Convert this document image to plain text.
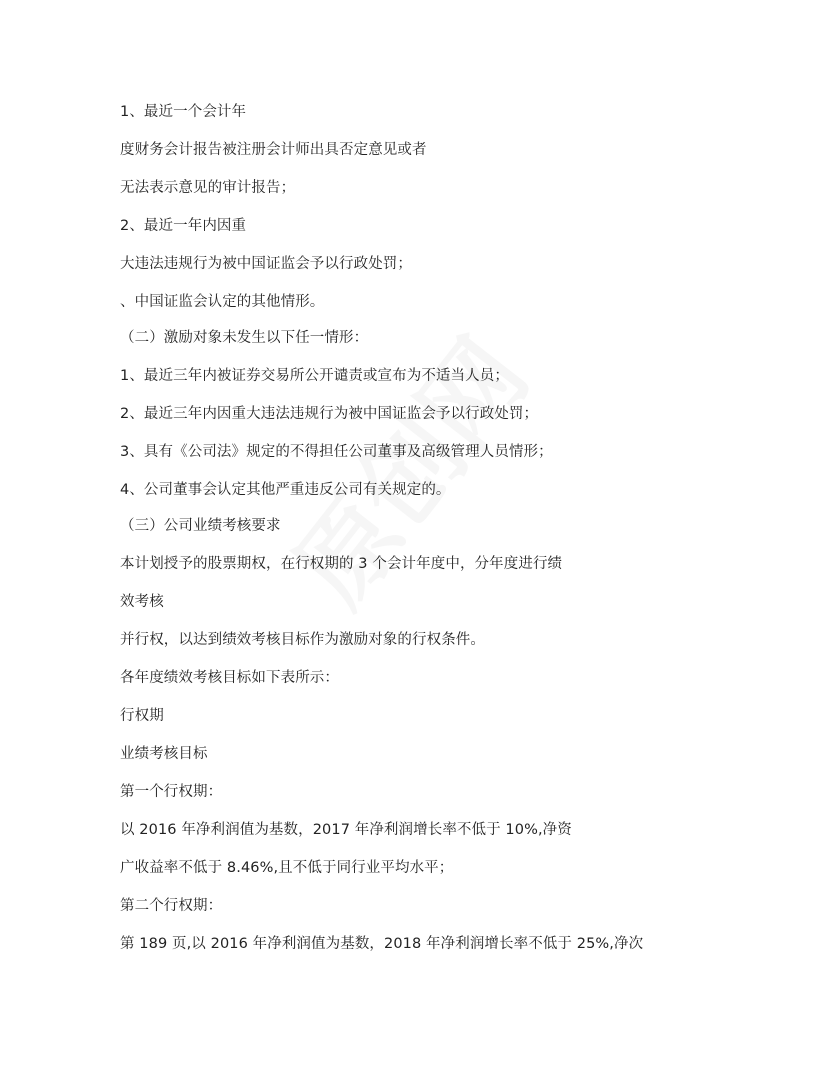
1、最近一个会计年
度财务会计报告被注册会计师出具否定意见或者
无法表示意见的审计报告；
2、最近一年内因重
大违法违规行为被中国证监会予以行政处罚；
、中国证监会认定的其他情形。
（二）激励对象未发生以下任一情形：
1、最近三年内被证券交易所公开谴责或宣布为不适当人员；
2、最近三年内因重大违法违规行为被中国证监会予以行政处罚；
3、具有《公司法》规定的不得担任公司董事及高级管理人员情形；
4、公司董事会认定其他严重违反公司有关规定的。
（三）公司业绩考核要求
本计划授予的股票期权，在行权期的 3 个会计年度中，分年度进行绩
效考核
并行权，以达到绩效考核目标作为激励对象的行权条件。
各年度绩效考核目标如下表所示：
行权期
业绩考核目标
第一个行权期：
以 2016 年净利润值为基数，2017 年净利润增长率不低于 10%,净资
广收益率不低于 8.46%,且不低于同行业平均水平；
第二个行权期：
第 189 页,以 2016 年净利润值为基数，2018 年净利润增长率不低于 25%,净次
